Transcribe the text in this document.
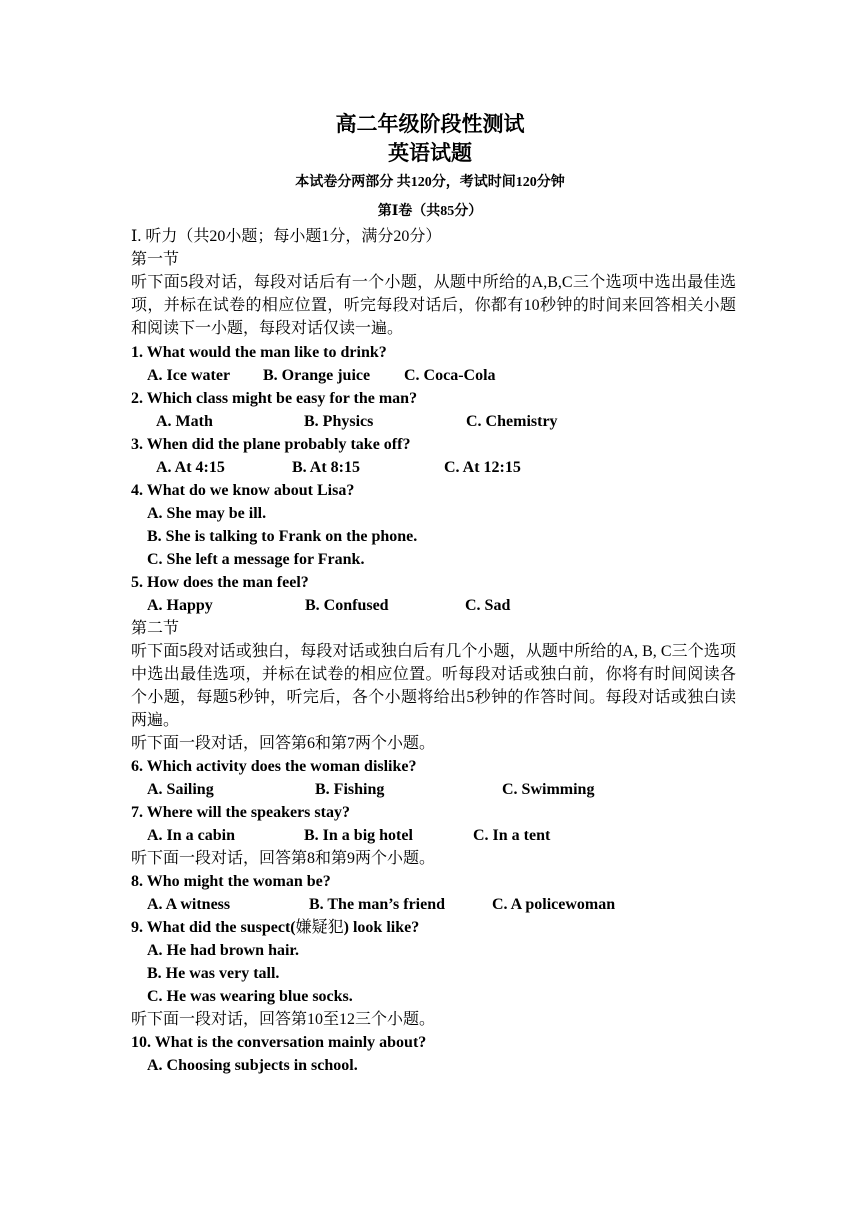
高二年级阶段性测试
英语试题
本试卷分两部分 共120分，考试时间120分钟
第Ⅰ卷（共85分）
Ⅰ. 听力（共20小题；每小题1分，满分20分）
第一节
听下面5段对话，每段对话后有一个小题，从题中所给的A,B,C三个选项中选出最佳选项，并标在试卷的相应位置，听完每段对话后，你都有10秒钟的时间来回答相关小题和阅读下一小题，每段对话仅读一遍。
1. What would the man like to drink?
A. Ice water B. Orange juice C. Coca-Cola
2. Which class might be easy for the man?
A. Math	B. Physics	C. Chemistry
3. When did the plane probably take off?
A. At 4:15	B. At 8:15	C. At 12:15
4. What do we know about Lisa?
A. She may be ill.
B. She is talking to Frank on the phone.
C. She left a message for Frank.
5. How does the man feel?
A. Happy	B. Confused	C. Sad
第二节
听下面5段对话或独白，每段对话或独白后有几个小题，从题中所给的A, B, C三个选项中选出最佳选项，并标在试卷的相应位置。听每段对话或独白前，你将有时间阅读各个小题，每题5秒钟，听完后，各个小题将给出5秒钟的作答时间。每段对话或独白读两遍。
听下面一段对话，回答第6和第7两个小题。
6. Which activity does the woman dislike?
A. Sailing	B. Fishing	C. Swimming
7. Where will the speakers stay?
A. In a cabin	B. In a big hotel	C. In a tent
听下面一段对话，回答第8和第9两个小题。
8. Who might the woman be?
A. A witness	B. The man’s friend	C. A policewoman
9. What did the suspect(嫌疑犯) look like?
A. He had brown hair.
B. He was very tall.
C. He was wearing blue socks.
听下面一段对话，回答第10至12三个小题。
10. What is the conversation mainly about?
A. Choosing subjects in school.
